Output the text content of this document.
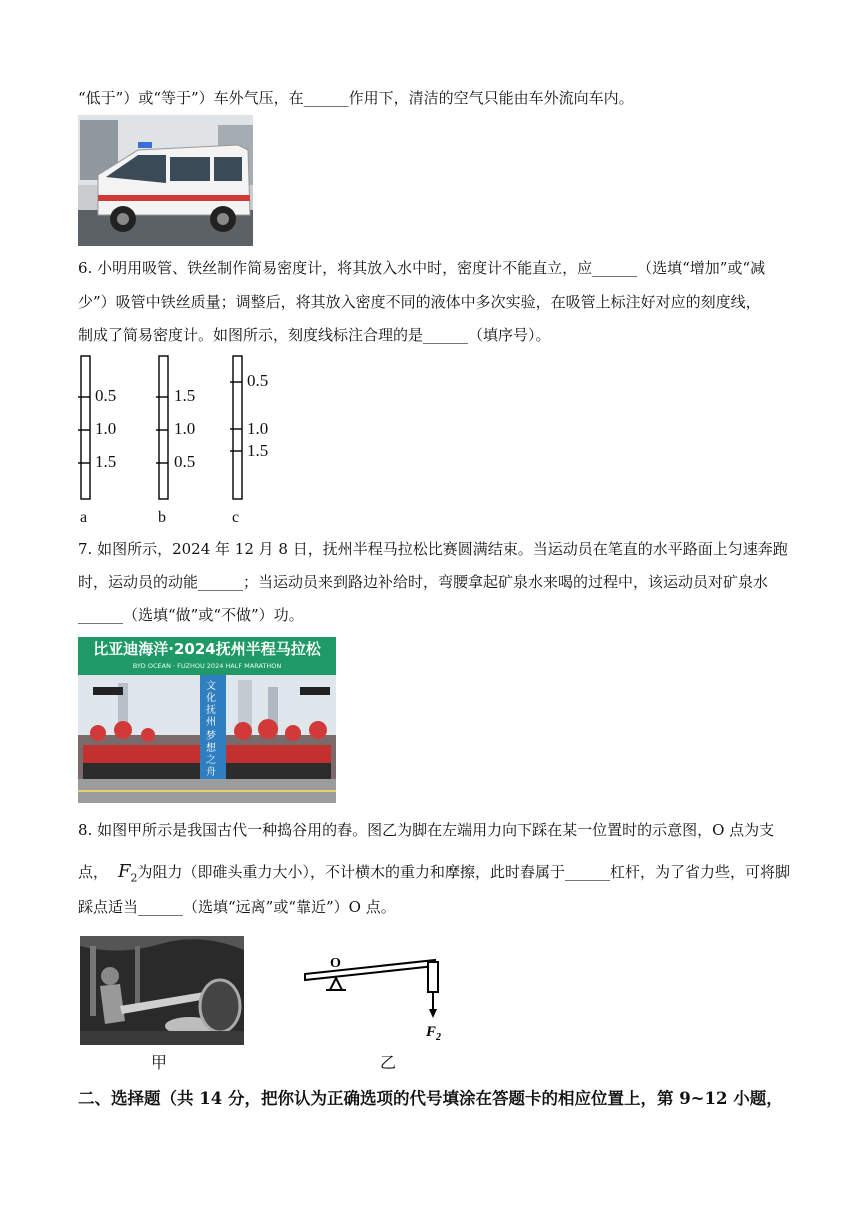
“低于”）或“等于”）车外气压，在______作用下，清洁的空气只能由车外流向车内。
6. 小明用吸管、铁丝制作简易密度计，将其放入水中时，密度计不能直立，应______（选填“增加”或“减
少”）吸管中铁丝质量；调整后，将其放入密度不同的液体中多次实验，在吸管上标注好对应的刻度线，
制成了简易密度计。如图所示，刻度线标注合理的是______（填序号）。
0.5
1.0
1.5
1.5
1.0
0.5
0.5
1.0
1.5
a	b	c
7. 如图所示，2024 年 12 月 8 日，抚州半程马拉松比赛圆满结束。当运动员在笔直的水平路面上匀速奔跑
时，运动员的动能______；当运动员来到路边补给时，弯腰拿起矿泉水来喝的过程中，该运动员对矿泉水
______（选填“做”或“不做”）功。
比亚迪海洋·2024抚州半程马拉松
BYD OCEAN · FUZHOU 2024 HALF MARATHON
文化抚州
梦想之舟
8. 如图甲所示是我国古代一种捣谷用的舂。图乙为脚在左端用力向下踩在某一位置时的示意图，O 点为支
点， $F_2$为阻力（即碓头重力大小），不计横木的重力和摩擦，此时舂属于______杠杆，为了省力些，可将脚
踩点适当______（选填“远离”或“靠近”）O 点。
甲
O
$F_2$
乙
二、选择题（共 14 分，把你认为正确选项的代号填涂在答题卡的相应位置上，第 9~12 小题，
